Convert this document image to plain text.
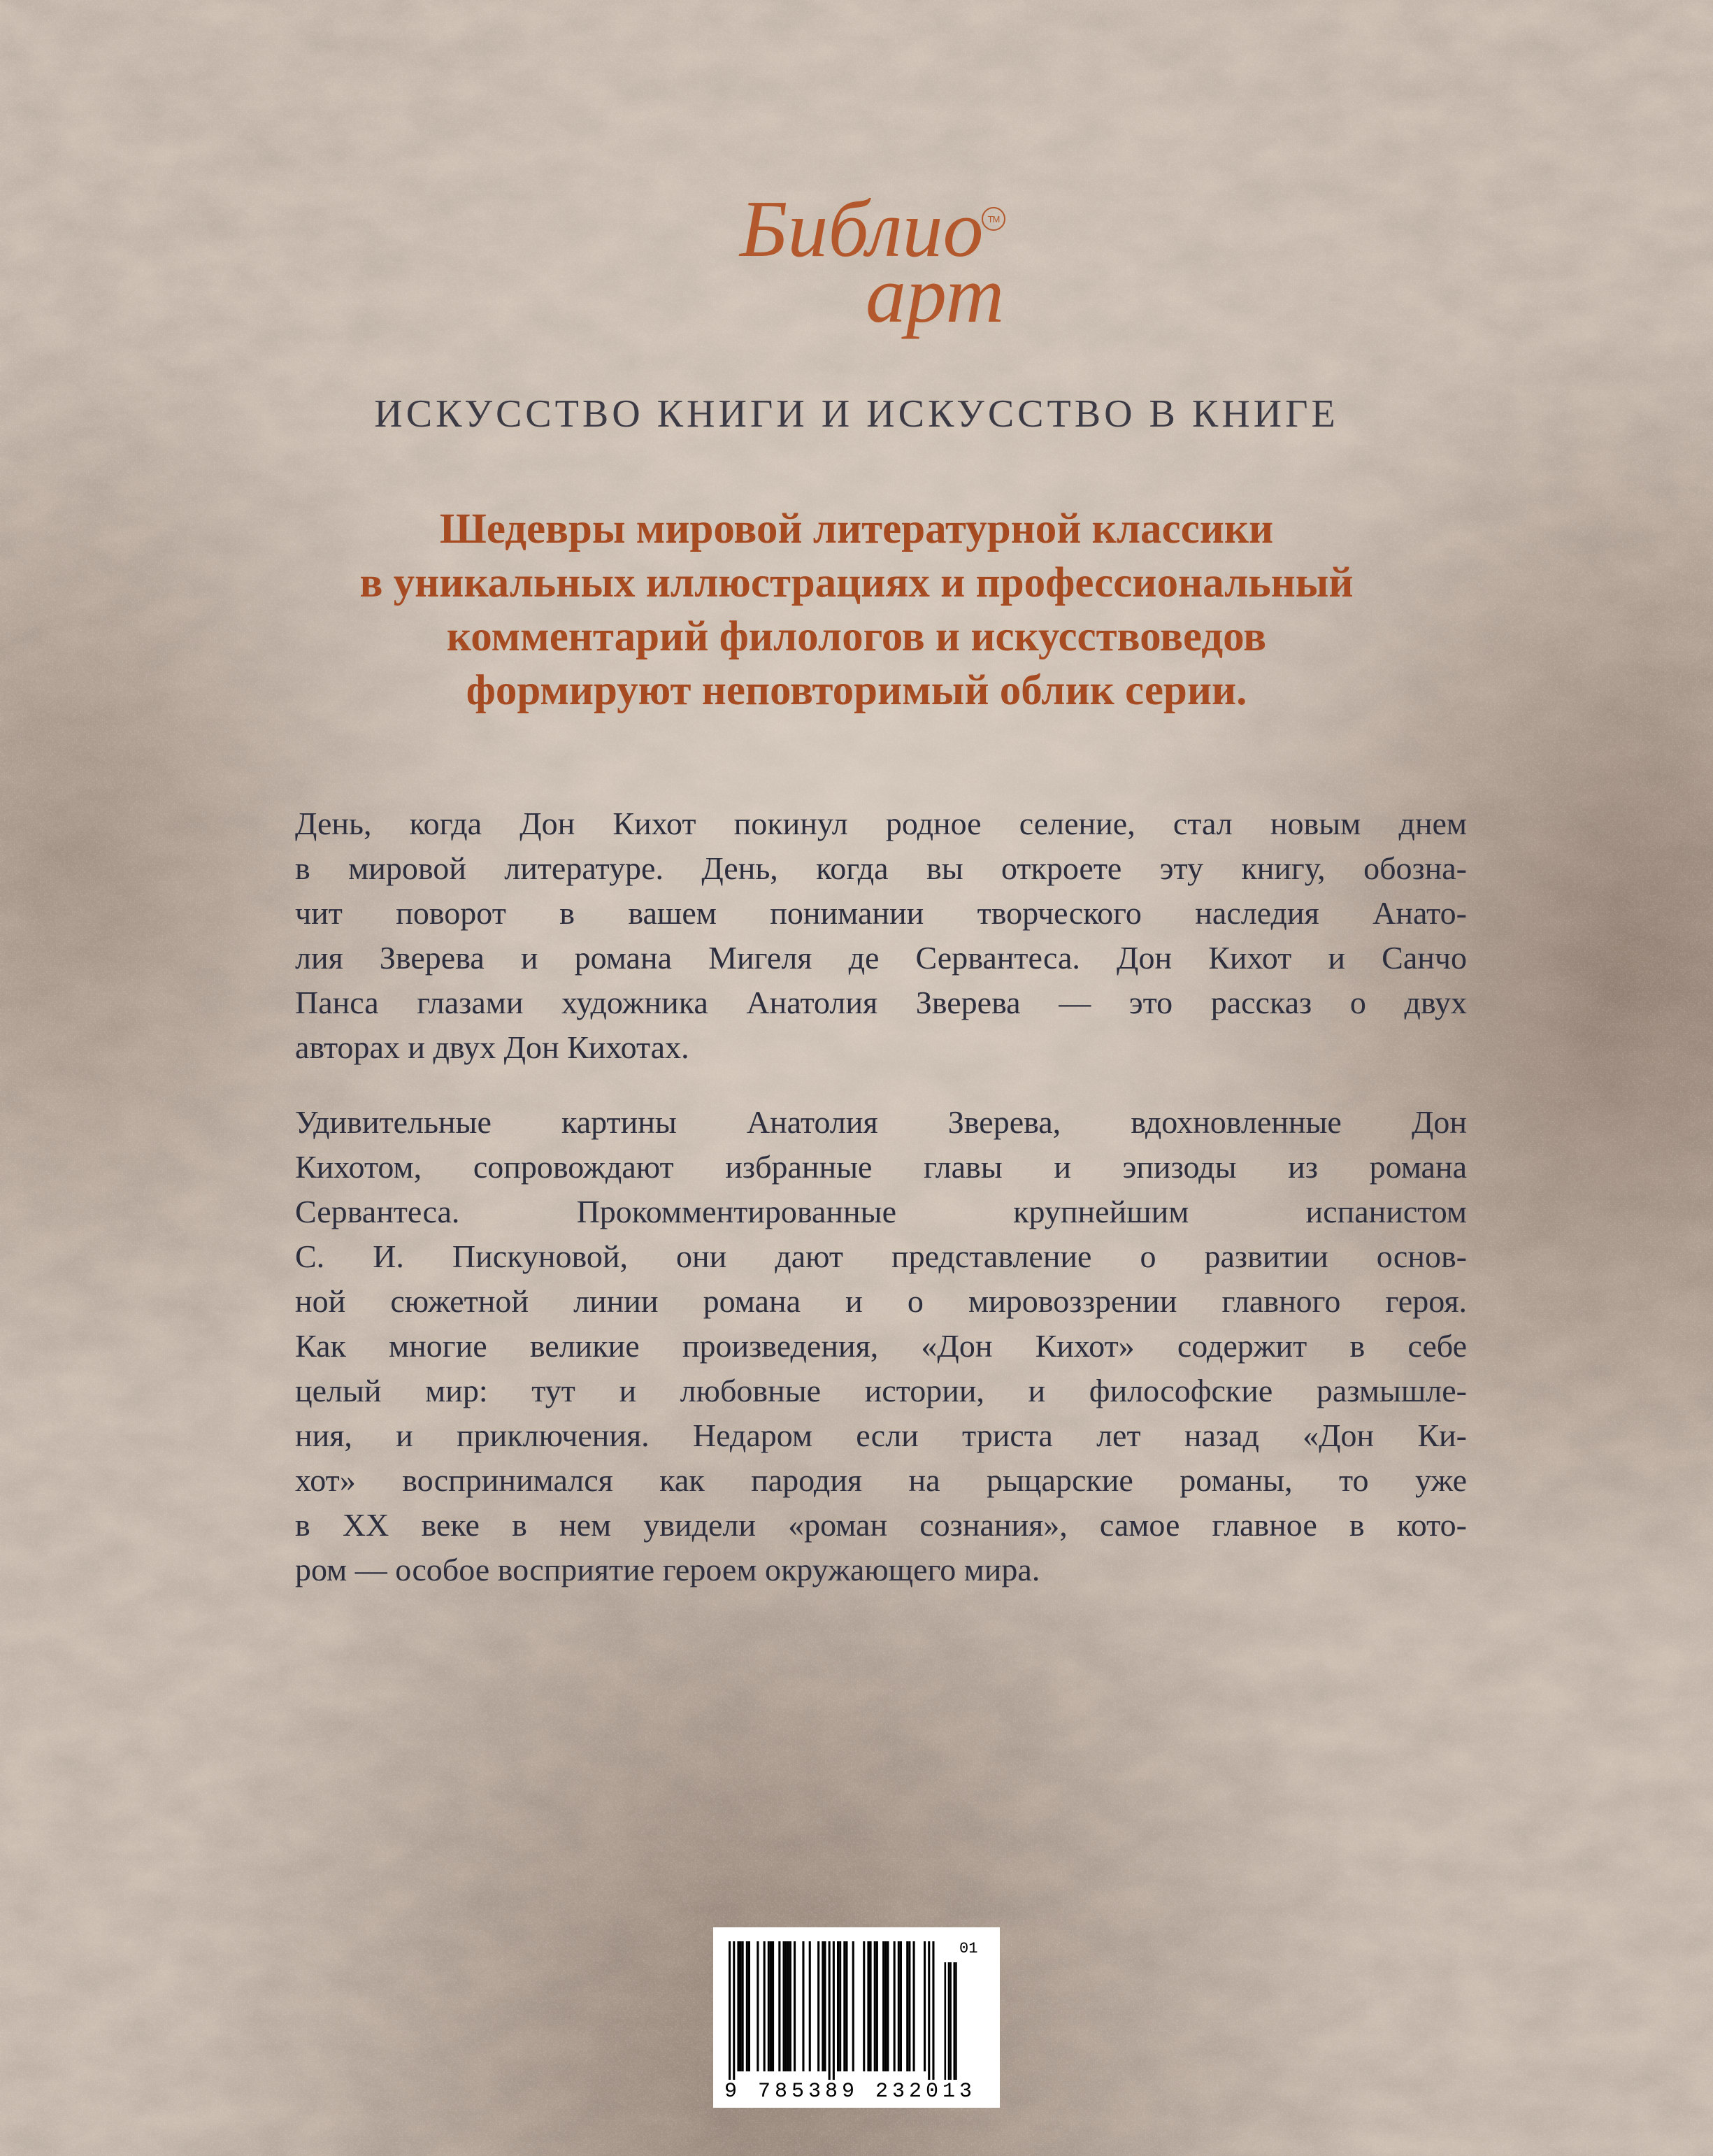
Библио TM
арт
ИСКУССТВО КНИГИ И ИСКУССТВО В КНИГЕ
Шедевры мировой литературной классики
в уникальных иллюстрациях и профессиональный
комментарий филологов и искусствоведов
формируют неповторимый облик серии.
День, когда Дон Кихот покинул родное селение, стал новым днем
в мировой литературе. День, когда вы откроете эту книгу, обозна-
чит поворот в вашем понимании творческого наследия Анато-
лия Зверева и романа Мигеля де Сервантеса. Дон Кихот и Санчо
Панса глазами художника Анатолия Зверева — это рассказ о двух
авторах и двух Дон Кихотах.
Удивительные картины Анатолия Зверева, вдохновленные Дон
Кихотом, сопровождают избранные главы и эпизоды из романа
Сервантеса. Прокомментированные крупнейшим испанистом
С. И. Пискуновой, они дают представление о развитии основ-
ной сюжетной линии романа и о мировоззрении главного героя.
Как многие великие произведения, «Дон Кихот» содержит в себе
целый мир: тут и любовные истории, и философские размышле-
ния, и приключения. Недаром если триста лет назад «Дон Ки-
хот» воспринимался как пародия на рыцарские романы, то уже
в XX веке в нем увидели «роман сознания», самое главное в кото-
ром — особое восприятие героем окружающего мира.
01
9 785389 232013
